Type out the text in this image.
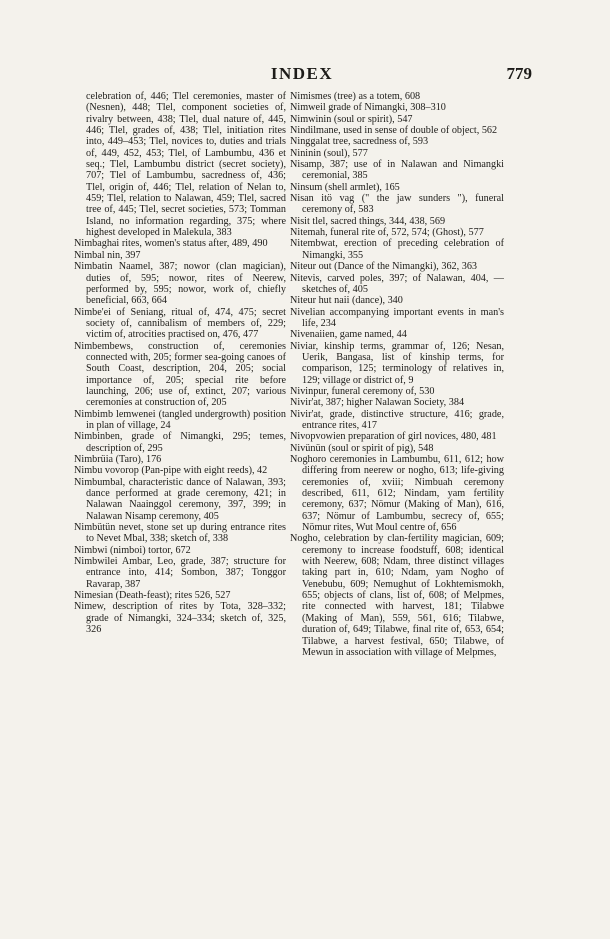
INDEX	779

celebration of, 446; Tlel ceremonies, master of (Nesnen), 448; Tlel, component societies of, rivalry between, 438; Tlel, dual nature of, 445, 446; Tlel, grades of, 438; Tlel, initiation rites into, 449–453; Tlel, novices to, duties and trials of, 449, 452, 453; Tlel, of Lambumbu, 436 et seq.; Tlel, Lambumbu district (secret society), 707; Tlel of Lambumbu, sacredness of, 436; Tlel, origin of, 446; Tlel, relation of Nelan to, 459; Tlel, relation to Nalawan, 459; Tlel, sacred tree of, 445; Tlel, secret societies, 573; Tomman Island, no information regarding, 375; where highest developed in Malekula, 383

Nimbaghai rites, women's status after, 489, 490

Nimbal nin, 397

Nimbatin Naamel, 387; nowor (clan magician), duties of, 595; nowor, rites of Neerew, performed by, 595; nowor, work of, chiefly beneficial, 663, 664

Nimbe'ei of Seniang, ritual of, 474, 475; secret society of, cannibalism of members of, 229; victim of, atrocities practised on, 476, 477

Nimbembews, construction of, ceremonies connected with, 205; former sea-going canoes of South Coast, description, 204, 205; social importance of, 205; special rite before launching, 206; use of, extinct, 207; various ceremonies at construction of, 205

Nimbimb lemwenei (tangled undergrowth) position in plan of village, 24

Nimbinben, grade of Nimangki, 295; temes, description of, 295

Nimbrüia (Taro), 176

Nimbu vovorop (Pan-pipe with eight reeds), 42

Nimbumbal, characteristic dance of Nalawan, 393; dance performed at grade ceremony, 421; in Nalawan Naainggol ceremony, 397, 399; in Nalawan Nisamp ceremony, 405

Nimbütün nevet, stone set up during entrance rites to Nevet Mbal, 338; sketch of, 338

Nimbwi (nimboi) tortor, 672

Nimbwilei Ambar, Leo, grade, 387; structure for entrance into, 414; Sombon, 387; Tonggor Ravarap, 387

Nimesian (Death-feast); rites 526, 527

Nimew, description of rites by Tota, 328–332; grade of Nimangki, 324–334; sketch of, 325, 326

Nimismes (tree) as a totem, 608

Nimweil grade of Nimangki, 308–310

Nimwinin (soul or spirit), 547

Nindilmane, used in sense of double of object, 562

Ninggalat tree, sacredness of, 593

Nininin (soul), 577

Nisamp, 387; use of in Nalawan and Nimangki ceremonial, 385

Ninsum (shell armlet), 165

Nisan itö vag (" the jaw sunders "), funeral ceremony of, 583

Nisit tlel, sacred things, 344, 438, 569

Nitemah, funeral rite of, 572, 574; (Ghost), 577

Nitembwat, erection of preceding celebration of Nimangki, 355

Niteur out (Dance of the Nimangki), 362, 363

Nitevis, carved poles, 397; of Nalawan, 404, — sketches of, 405

Niteur hut naii (dance), 340

Nivelian accompanying important events in man's life, 234

Nivenaiien, game named, 44

Niviar, kinship terms, grammar of, 126; Nesan, Uerik, Bangasa, list of kinship terms, for comparison, 125; terminology of relatives in, 129; village or district of, 9

Nivinpur, funeral ceremony of, 530

Nivir'at, 387; higher Nalawan Society, 384

Nivir'at, grade, distinctive structure, 416; grade, entrance rites, 417

Nivopvowien preparation of girl novices, 480, 481

Nivünün (soul or spirit of pig), 548

Noghoro ceremonies in Lambumbu, 611, 612; how differing from neerew or nogho, 613; life-giving ceremonies of, xviii; Nimbuah ceremony described, 611, 612; Nindam, yam fertility ceremony, 637; Nömur (Making of Man), 616, 637; Nömur of Lambumbu, secrecy of, 655; Nömur rites, Wut Moul centre of, 656

Nogho, celebration by clan-fertility magician, 609; ceremony to increase foodstuff, 608; identical with Neerew, 608; Ndam, three distinct villages taking part in, 610; Ndam, yam Nogho of Venebubu, 609; Nemughut of Lokhtemismokh, 655; objects of clans, list of, 608; of Melpmes, rite connected with harvest, 181; Tilabwe (Making of Man), 559, 561, 616; Tilabwe, duration of, 649; Tilabwe, final rite of, 653, 654; Tilabwe, a harvest festival, 650; Tilabwe, of Mewun in association with village of Melpmes,
